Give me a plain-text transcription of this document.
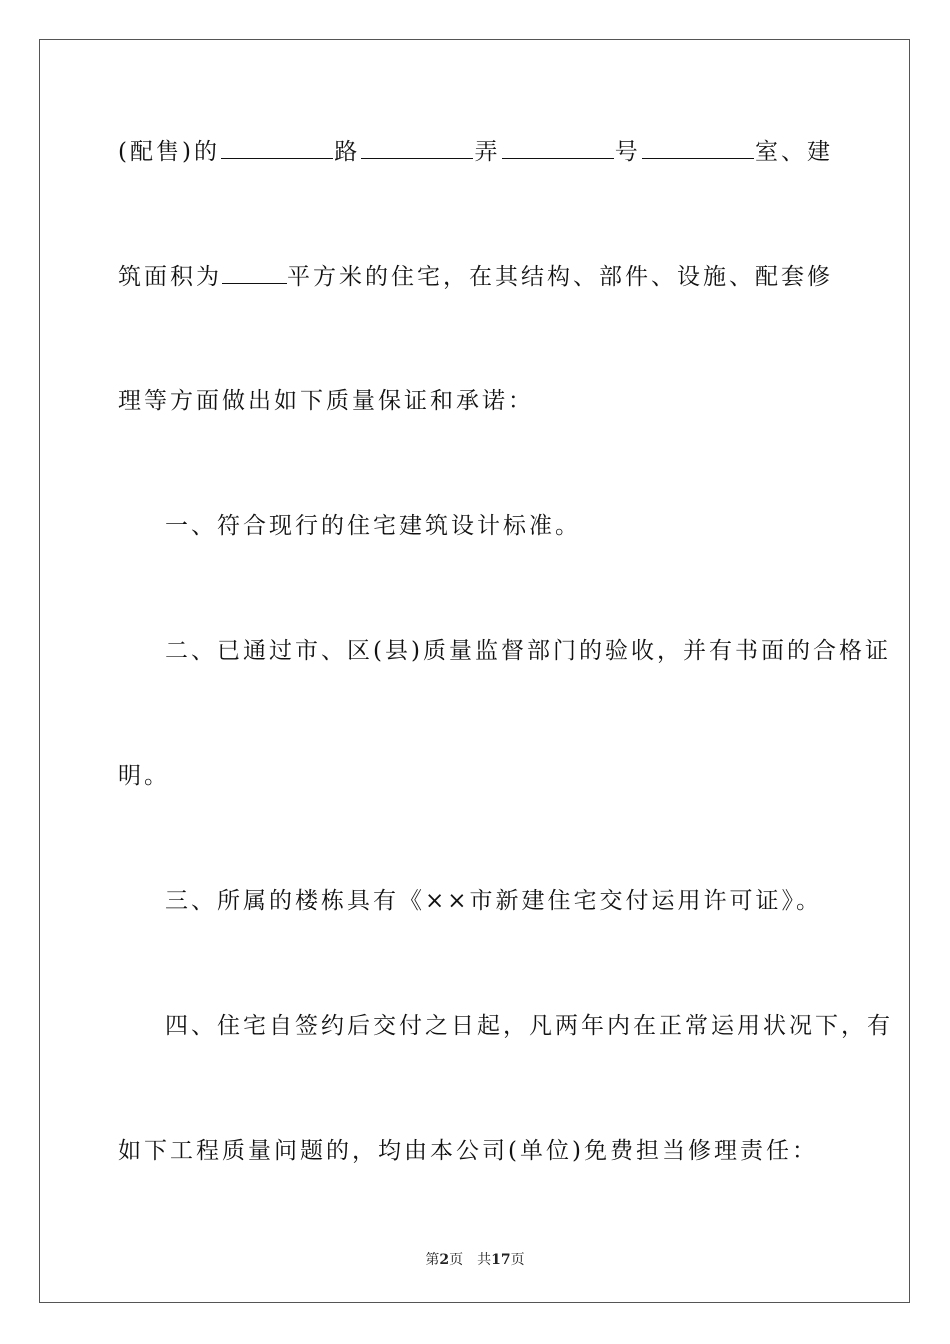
(配售)的	路	弄	号	室、建
筑面积为	平方米的住宅，在其结构、部件、设施、配套修
理等方面做出如下质量保证和承诺：
一、符合现行的住宅建筑设计标准。
二、已通过市、区(县)质量监督部门的验收，并有书面的合格证
明。
三、所属的楼栋具有《××市新建住宅交付运用许可证》。
四、住宅自签约后交付之日起，凡两年内在正常运用状况下，有
如下工程质量问题的，均由本公司(单位)免费担当修理责任：
第2页 共17页
